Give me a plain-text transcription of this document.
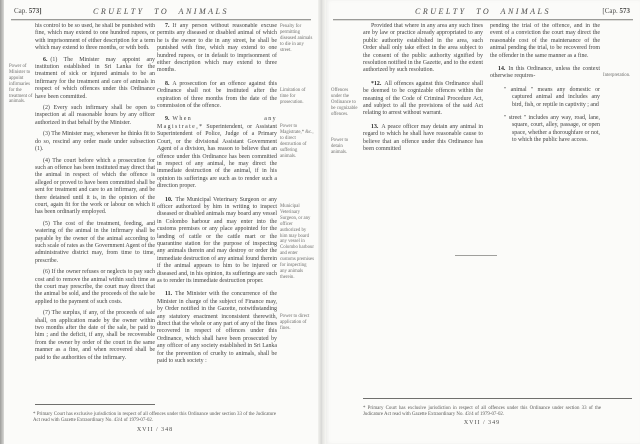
Cap. 573]	CRUELTY TO ANIMALS
Power of Minister to appoint infirmaries for the treatment of animals.

his control to be so used, he shall be punished with fine, which may extend to one hundred rupees, or with imprisonment of either description for a term which may extend to three months, or with both.

6. (1) The Minister may appoint any institution established in Sri Lanka for the treatment of sick or injured animals to be an infirmary for the treatment and care of animals in respect of which offences under this Ordinance have been committed.

(2) Every such infirmary shall be open to inspection at all reasonable hours by any officer authorized in that behalf by the Minister.

(3) The Minister may, whenever he thinks fit to do so, rescind any order made under subsection (1).

(4) The court before which a prosecution for such an offence has been instituted may direct that the animal in respect of which the offence is alleged or proved to have been committed shall be sent for treatment and care to an infirmary, and be there detained until it is, in the opinion of the court, again fit for the work or labour on which it has been ordinarily employed.

(5) The cost of the treatment, feeding, and watering of the animal in the infirmary shall be payable by the owner of the animal according to such scale of rates as the Government Agent of the administrative district may, from time to time, prescribe.

(6) If the owner refuses or neglects to pay such cost and to remove the animal within such time as the court may prescribe, the court may direct that the animal be sold, and the proceeds of the sale be applied to the payment of such costs.

(7) The surplus, if any, of the proceeds of sale shall, on application made by the owner within two months after the date of the sale, be paid to him ; and the deficit, if any, shall be recoverable from the owner by order of the court in the same manner as a fine, and when recovered shall be paid to the authorities of the infirmary.

7. If any person without reasonable excuse permits any diseased or disabled animal of which he is the owner to die in any street, he shall be punished with fine, which may extend to one hundred rupees, or in default to imprisonment of either description which may extend to three months.

8. A prosecution for an offence against this Ordinance shall not be instituted after the expiration of three months from the date of the commission of the offence.

9. When any Magistrate,* Superintendent, or Assistant Superintendent of Police, Judge of a Primary Court, or the divisional Assistant Government Agent of a division, has reason to believe that an offence under this Ordinance has been committed in respect of any animal, he may direct the immediate destruction of the animal, if in his opinion its sufferings are such as to render such a direction proper.

10. The Municipal Veterinary Surgeon or any officer authorized by him in writing to inspect diseased or disabled animals may board any vessel in Colombo harbour and may enter into the customs premises or any place appointed for the landing of cattle or the cattle mart or the quarantine station for the purpose of inspecting any animals therein and may destroy or order the immediate destruction of any animal found therein if the animal appears to him to be injured or diseased and, in his opinion, its sufferings are such as to render its immediate destruction proper.

11. The Minister with the concurrence of the Minister in charge of the subject of Finance may, by Order notified in the Gazette, notwithstanding any statutory enactment inconsistent therewith, direct that the whole or any part of any of the fines recovered in respect of offences under this Ordinance, which shall have been prosecuted by any officer of any society established in Sri Lanka for the prevention of cruelty to animals, shall be paid to such society :

Penalty for permitting diseased animals to die in any street.
Limitation of time for prosecution.
Power to Magistrate,* &c., to direct destruction of suffering animals.
Municipal Veterinary Surgeon, or any officer authorized by him may board any vessel in Colombo harbour and enter customs premises for inspecting any animals therein.
Power to direct application of fines.

* Primary Court has exclusive jurisdiction in respect of all offences under this Ordinance under section 33 of the Judicature Act read with Gazette Extraordinary No. 43/4 of 1979-07-02.

XVII / 348
CRUELTY TO ANIMALS	[Cap. 573
Offences under the Ordinance to be cognizable offences.
Power to detain animals.

Provided that where in any area any such fines are by law or practice already appropriated to any public authority established in the area, such Order shall only take effect in the area subject to the consent of the public authority signified by resolution notified in the Gazette, and to the extent authorized by such resolution.

*12. All offences against this Ordinance shall be deemed to be cognizable offences within the meaning of the Code of Criminal Procedure Act, and subject to all the provisions of the said Act relating to arrest without warrant.

13. A peace officer may detain any animal in regard to which he shall have reasonable cause to believe that an offence under this Ordinance has been committed

pending the trial of the offence, and in the event of a conviction the court may direct the reasonable cost of the maintenance of the animal pending the trial, to be recovered from the offender in the same manner as a fine.

14. In this Ordinance, unless the context otherwise requires-

" animal " means any domestic or captured animal and includes any bird, fish, or reptile in captivity ; and

" street " includes any way, road, lane, square, court, alley, passage, or open space, whether a thoroughfare or not, to which the public have access.

Interpretation.

* Primary Court has exclusive jurisdiction in respect of all offences under this Ordinance under section 33 of the Judicature Act read with Gazette Extraordinary No. 43/4 of 1979-07-02.

XVII / 349
